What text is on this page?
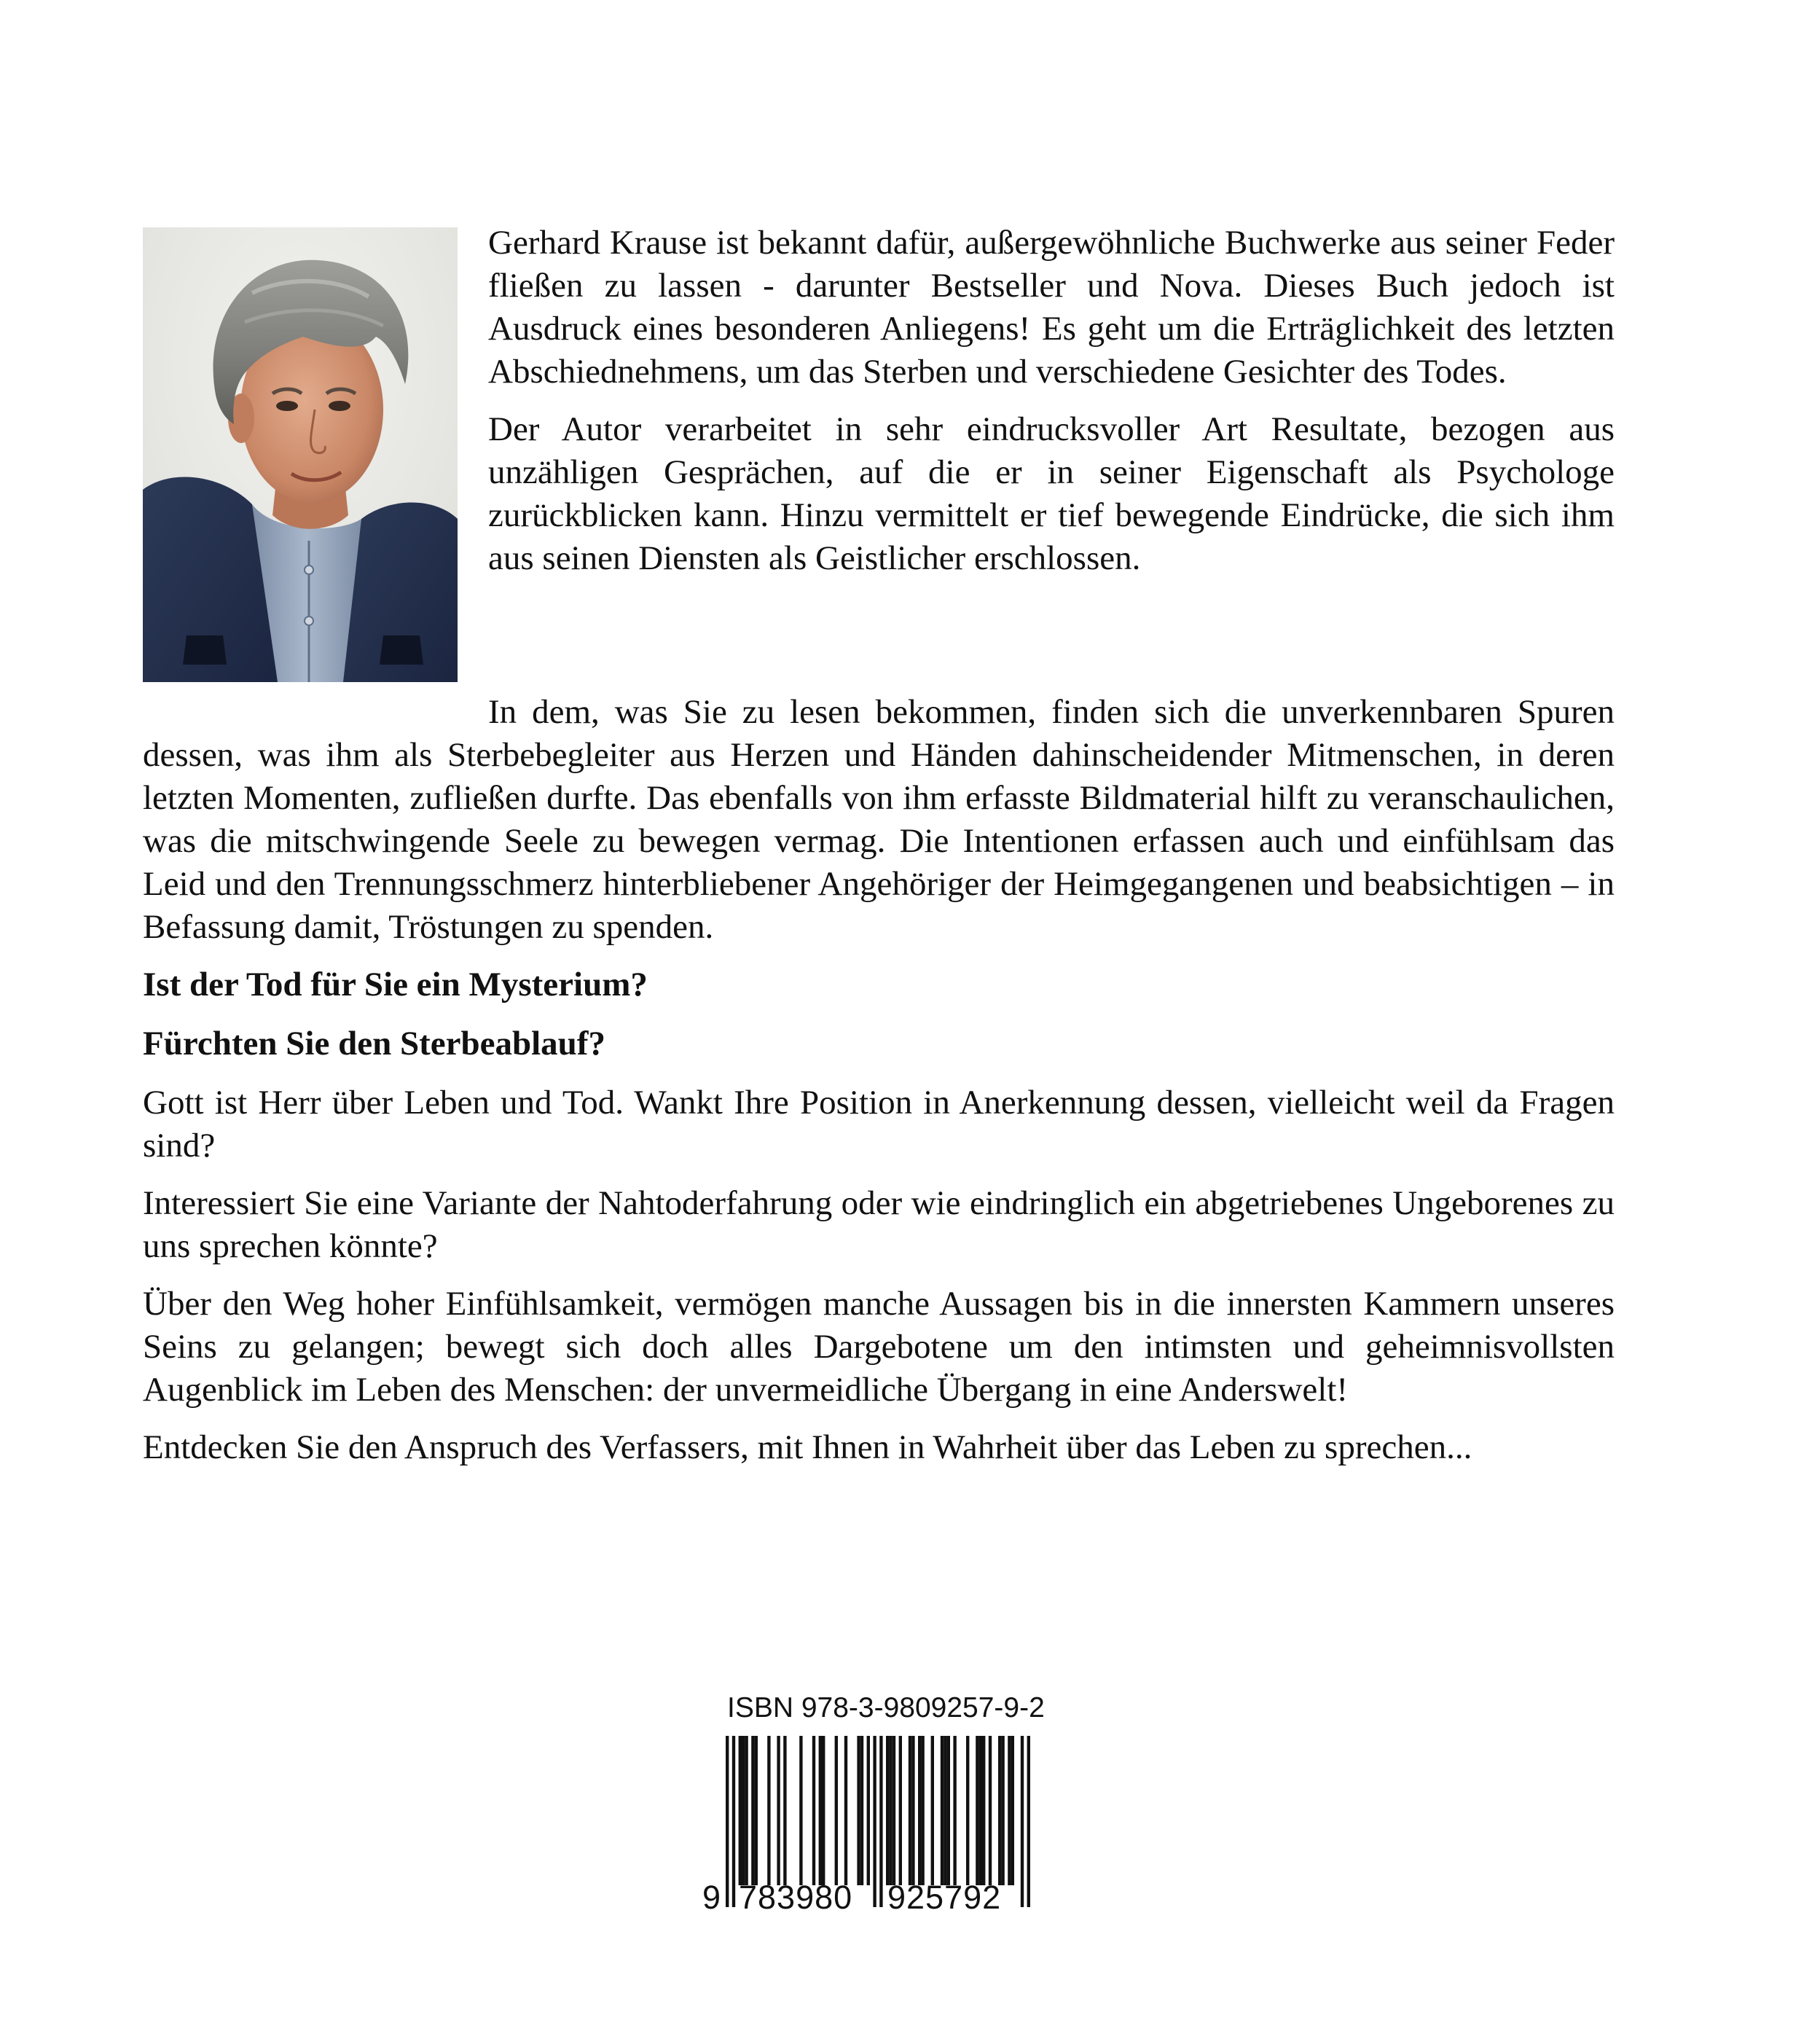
Gerhard Krause ist bekannt dafür, außergewöhnliche Buchwerke aus seiner Feder fließen zu lassen - darunter Bestseller und Nova. Dieses Buch jedoch ist Ausdruck eines besonderen Anliegens! Es geht um die Erträglichkeit des letzten Abschiednehmens, um das Sterben und verschiedene Gesichter des Todes.

Der Autor verarbeitet in sehr eindrucksvoller Art Resultate, bezogen aus unzähligen Gesprächen, auf die er in seiner Eigenschaft als Psychologe zurückblicken kann. Hinzu vermittelt er tief bewegende Eindrücke, die sich ihm aus seinen Diensten als Geistlicher erschlossen.

In dem, was Sie zu lesen bekommen, finden sich die unverkennbaren Spuren dessen, was ihm als Sterbebegleiter aus Herzen und Händen dahinscheidender Mitmenschen, in deren letzten Momenten, zufließen durfte. Das ebenfalls von ihm erfasste Bildmaterial hilft zu veranschaulichen, was die mitschwingende Seele zu bewegen vermag. Die Intentionen erfassen auch und einfühlsam das Leid und den Trennungsschmerz hinterbliebener Angehöriger der Heimgegangenen und beabsichtigen – in Befassung damit, Tröstungen zu spenden.

Ist der Tod für Sie ein Mysterium?

Fürchten Sie den Sterbeablauf?

Gott ist Herr über Leben und Tod. Wankt Ihre Position in Anerkennung dessen, vielleicht weil da Fragen sind?

Interessiert Sie eine Variante der Nahtoderfahrung oder wie eindringlich ein abgetriebenes Ungeborenes zu uns sprechen könnte?

Über den Weg hoher Einfühlsamkeit, vermögen manche Aussagen bis in die innersten Kammern unseres Seins zu gelangen; bewegt sich doch alles Dargebotene um den intimsten und geheimnisvollsten Augenblick im Leben des Menschen: der unvermeidliche Übergang in eine Anderswelt!

Entdecken Sie den Anspruch des Verfassers, mit Ihnen in Wahrheit über das Leben zu sprechen...

ISBN 978-3-9809257-9-2
9 783980 925792
